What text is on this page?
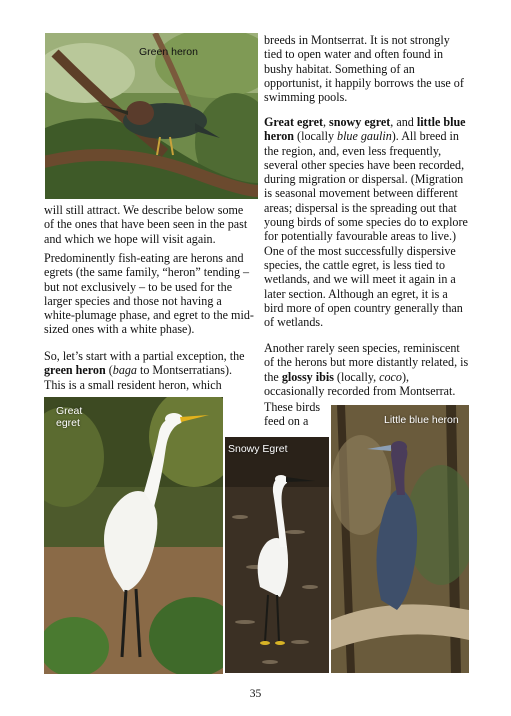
Green heron

will still attract. We describe below some of the ones that have been seen in the past and which we hope will visit again.

Predominently fish-eating are herons and egrets (the same family, “heron” tending – but not exclusively – to be used for the larger species and those not having a white-plumage phase, and egret to the mid-sized ones with a white phase).

So, let’s start with a partial exception, the green heron (baga to Montserratians). This is a small resident heron, which

breeds in Montserrat. It is not strongly tied to open water and often found in bushy habitat. Something of an opportunist, it happily borrows the use of swimming pools.

Great egret, snowy egret, and little blue heron (locally blue gaulin). All breed in the region, and, even less frequently, several other species have been recorded, during migration or dispersal. (Migration is seasonal movement between different areas; dispersal is the spreading out that young birds of some species do to explore for potentially favourable areas to live.) One of the most successfully dispersive species, the cattle egret, is less tied to wetlands, and we will meet it again in a later section. Although an egret, it is a bird more of open country generally than of wetlands.

Another rarely seen species, reminiscent of the herons but more distantly related, is the glossy ibis (locally, coco), occasionally recorded from Montserrat.

These birds feed on a

Great
egret
Snowy Egret
Little blue heron
35
